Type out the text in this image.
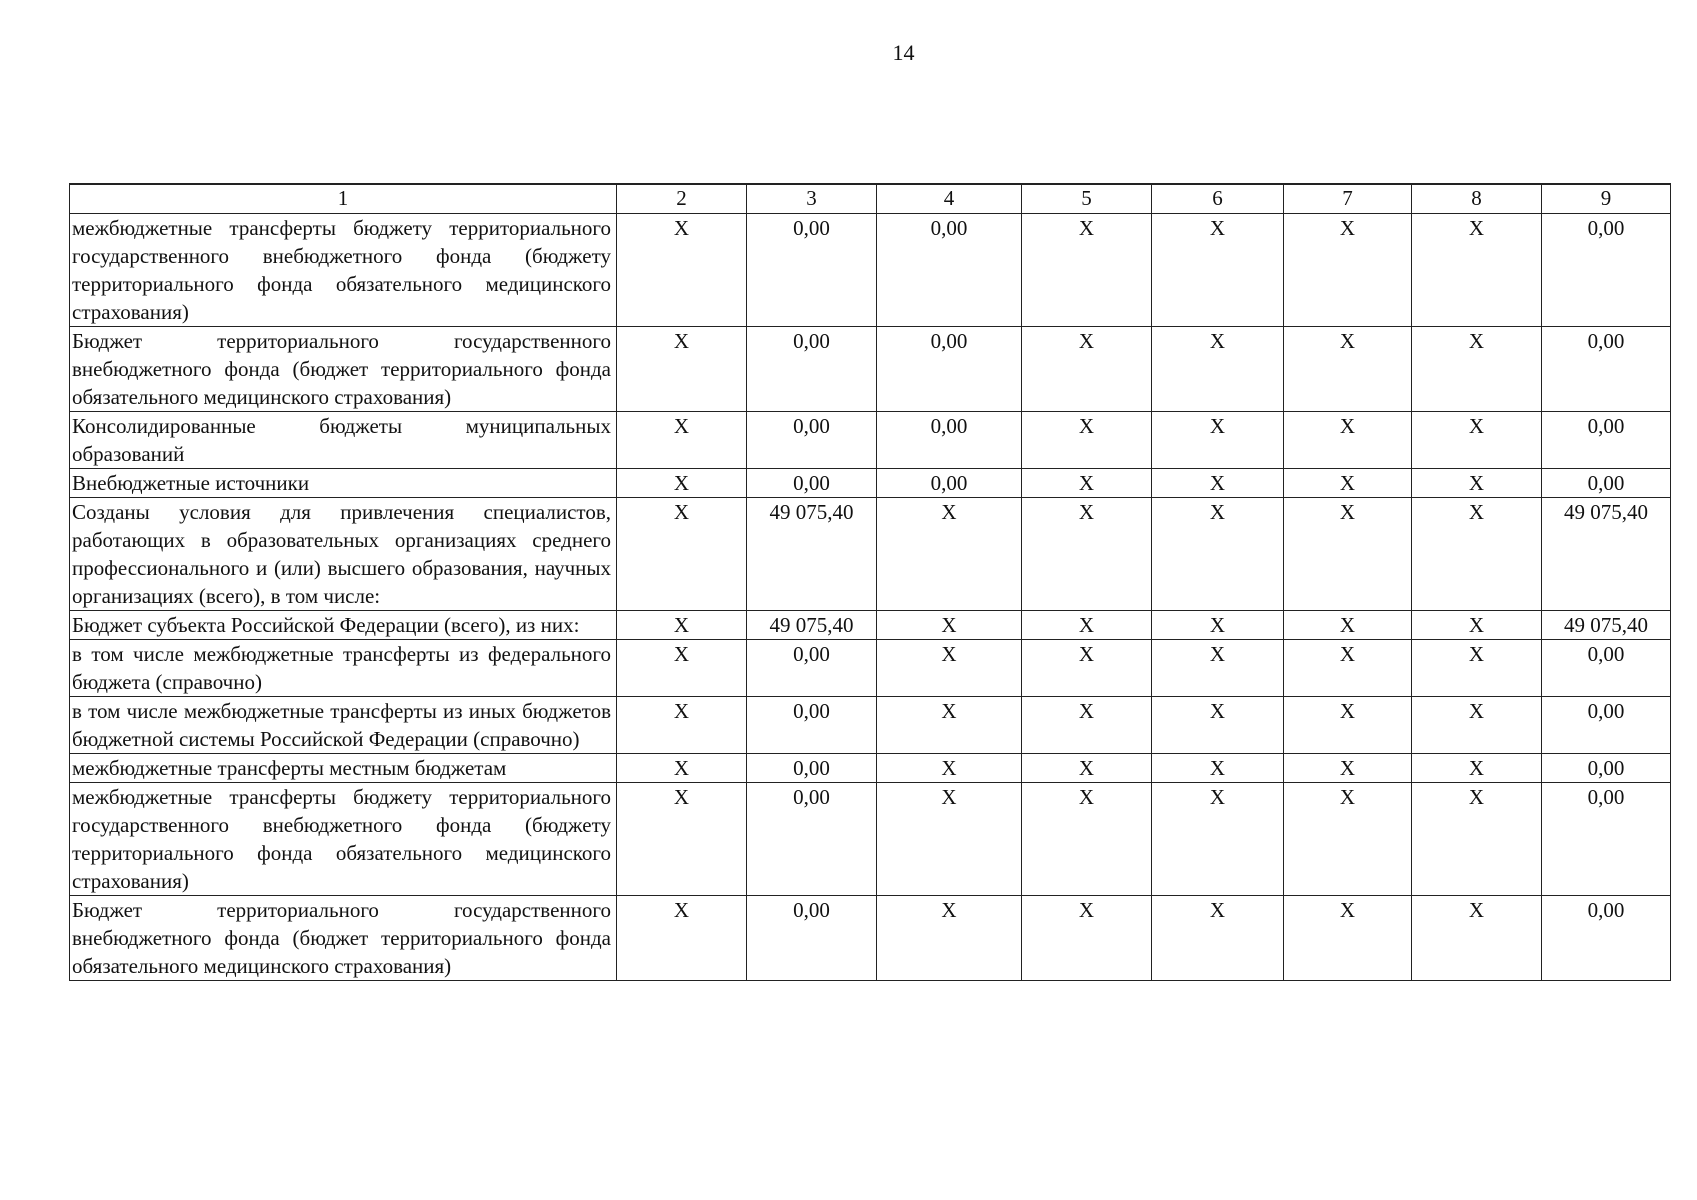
14
1	2	3	4	5	6	7	8	9
межбюджетные трансферты бюджету территориального государственного внебюджетного фонда (бюджету территориального фонда обязательного медицинского страхования)	X	0,00	0,00	X	X	X	X	0,00
Бюджет территориального государственного внебюджетного фонда (бюджет территориального фонда обязательного медицинского страхования)	X	0,00	0,00	X	X	X	X	0,00
Консолидированные бюджеты муниципальных образований	X	0,00	0,00	X	X	X	X	0,00
Внебюджетные источники	X	0,00	0,00	X	X	X	X	0,00
Созданы условия для привлечения специалистов, работающих в образовательных организациях среднего профессионального и (или) высшего образования, научных организациях (всего), в том числе:	X	49 075,40	X	X	X	X	X	49 075,40
Бюджет субъекта Российской Федерации (всего), из них:	X	49 075,40	X	X	X	X	X	49 075,40
в том числе межбюджетные трансферты из федерального бюджета (справочно)	X	0,00	X	X	X	X	X	0,00
в том числе межбюджетные трансферты из иных бюджетов бюджетной системы Российской Федерации (справочно)	X	0,00	X	X	X	X	X	0,00
межбюджетные трансферты местным бюджетам	X	0,00	X	X	X	X	X	0,00
межбюджетные трансферты бюджету территориального государственного внебюджетного фонда (бюджету территориального фонда обязательного медицинского страхования)	X	0,00	X	X	X	X	X	0,00
Бюджет территориального государственного внебюджетного фонда (бюджет территориального фонда обязательного медицинского страхования)	X	0,00	X	X	X	X	X	0,00
